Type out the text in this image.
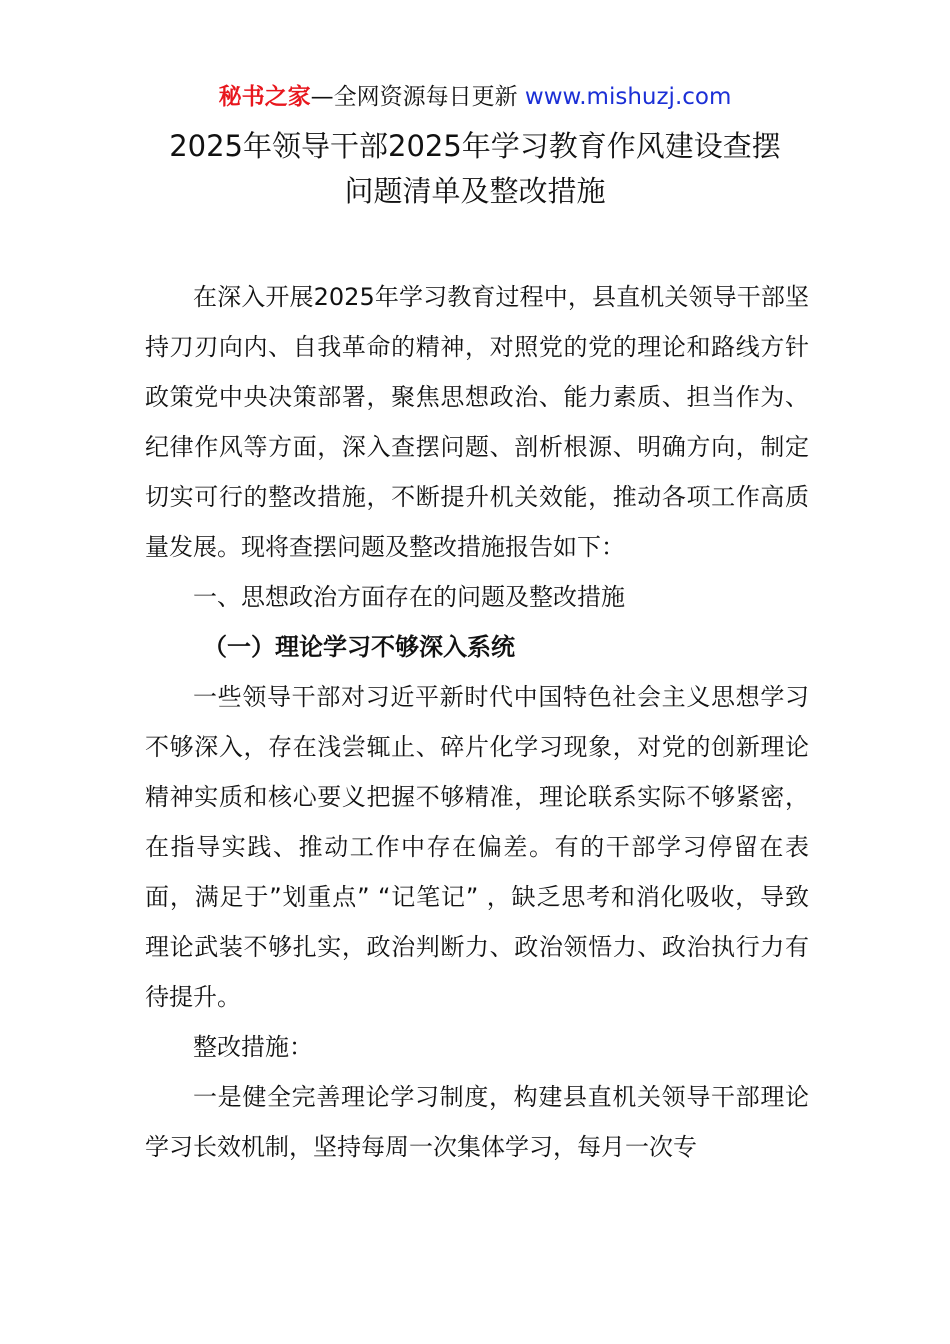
秘书之家—全网资源每日更新 www.mishuzj.com
2025年领导干部2025年学习教育作风建设查摆
问题清单及整改措施

在深入开展2025年学习教育过程中，县直机关领导干部坚持刀刃向内、自我革命的精神，对照党的党的理论和路线方针政策党中央决策部署，聚焦思想政治、能力素质、担当作为、纪律作风等方面，深入查摆问题、剖析根源、明确方向，制定切实可行的整改措施，不断提升机关效能，推动各项工作高质量发展。现将查摆问题及整改措施报告如下：

一、思想政治方面存在的问题及整改措施

（一）理论学习不够深入系统

一些领导干部对习近平新时代中国特色社会主义思想学习不够深入，存在浅尝辄止、碎片化学习现象，对党的创新理论精神实质和核心要义把握不够精准，理论联系实际不够紧密，在指导实践、推动工作中存在偏差。有的干部学习停留在表面，满足于”划重点” “记笔记” ，缺乏思考和消化吸收，导致理论武装不够扎实，政治判断力、政治领悟力、政治执行力有待提升。

整改措施：

一是健全完善理论学习制度，构建县直机关领导干部理论学习长效机制，坚持每周一次集体学习，每月一次专
